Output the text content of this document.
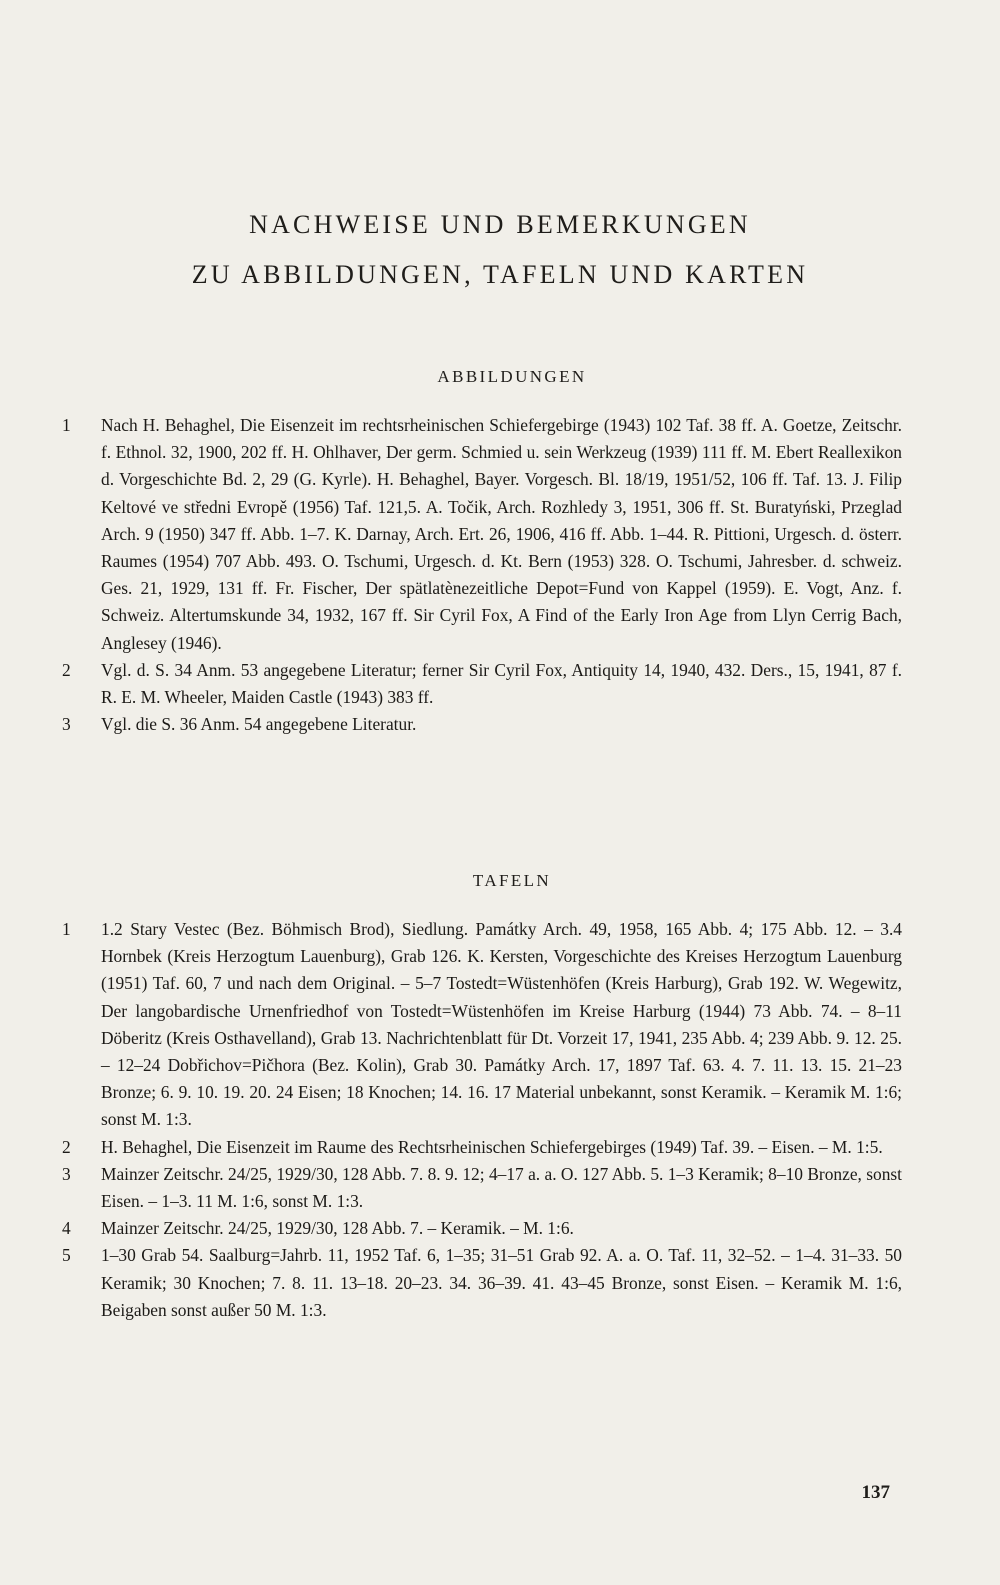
NACHWEISE UND BEMERKUNGEN
ZU ABBILDUNGEN, TAFELN UND KARTEN
ABBILDUNGEN
1	Nach H. Behaghel, Die Eisenzeit im rechtsrheinischen Schiefergebirge (1943) 102 Taf. 38 ff. A. Goetze, Zeitschr. f. Ethnol. 32, 1900, 202 ff. H. Ohlhaver, Der germ. Schmied u. sein Werkzeug (1939) 111 ff. M. Ebert Reallexikon d. Vorgeschichte Bd. 2, 29 (G. Kyrle). H. Behaghel, Bayer. Vorgesch. Bl. 18/19, 1951/52, 106 ff. Taf. 13. J. Filip Keltové ve středni Evropě (1956) Taf. 121,5. A. Točik, Arch. Rozhledy 3, 1951, 306 ff. St. Buratyński, Przeglad Arch. 9 (1950) 347 ff. Abb. 1–7. K. Darnay, Arch. Ert. 26, 1906, 416 ff. Abb. 1–44. R. Pittioni, Urgesch. d. österr. Raumes (1954) 707 Abb. 493. O. Tschumi, Urgesch. d. Kt. Bern (1953) 328. O. Tschumi, Jahresber. d. schweiz. Ges. 21, 1929, 131 ff. Fr. Fischer, Der spätlatènezeitliche Depot=Fund von Kappel (1959). E. Vogt, Anz. f. Schweiz. Altertumskunde 34, 1932, 167 ff. Sir Cyril Fox, A Find of the Early Iron Age from Llyn Cerrig Bach, Anglesey (1946).
2	Vgl. d. S. 34 Anm. 53 angegebene Literatur; ferner Sir Cyril Fox, Antiquity 14, 1940, 432. Ders., 15, 1941, 87 f. R. E. M. Wheeler, Maiden Castle (1943) 383 ff.
3	Vgl. die S. 36 Anm. 54 angegebene Literatur.
TAFELN
1	1.2 Stary Vestec (Bez. Böhmisch Brod), Siedlung. Památky Arch. 49, 1958, 165 Abb. 4; 175 Abb. 12. – 3.4 Hornbek (Kreis Herzogtum Lauenburg), Grab 126. K. Kersten, Vorgeschichte des Kreises Herzogtum Lauenburg (1951) Taf. 60, 7 und nach dem Original. – 5–7 Tostedt=Wüstenhöfen (Kreis Harburg), Grab 192. W. Wegewitz, Der langobardische Urnenfriedhof von Tostedt=Wüstenhöfen im Kreise Harburg (1944) 73 Abb. 74. – 8–11 Döberitz (Kreis Osthavelland), Grab 13. Nachrichtenblatt für Dt. Vorzeit 17, 1941, 235 Abb. 4; 239 Abb. 9. 12. 25. – 12–24 Dobřichov=Pičhora (Bez. Kolin), Grab 30. Památky Arch. 17, 1897 Taf. 63. 4. 7. 11. 13. 15. 21–23 Bronze; 6. 9. 10. 19. 20. 24 Eisen; 18 Knochen; 14. 16. 17 Material unbekannt, sonst Keramik. – Keramik M. 1:6; sonst M. 1:3.
2	H. Behaghel, Die Eisenzeit im Raume des Rechtsrheinischen Schiefergebirges (1949) Taf. 39. – Eisen. – M. 1:5.
3	Mainzer Zeitschr. 24/25, 1929/30, 128 Abb. 7. 8. 9. 12; 4–17 a. a. O. 127 Abb. 5. 1–3 Keramik; 8–10 Bronze, sonst Eisen. – 1–3. 11 M. 1:6, sonst M. 1:3.
4	Mainzer Zeitschr. 24/25, 1929/30, 128 Abb. 7. – Keramik. – M. 1:6.
5	1–30 Grab 54. Saalburg=Jahrb. 11, 1952 Taf. 6, 1–35; 31–51 Grab 92. A. a. O. Taf. 11, 32–52. – 1–4. 31–33. 50 Keramik; 30 Knochen; 7. 8. 11. 13–18. 20–23. 34. 36–39. 41. 43–45 Bronze, sonst Eisen. – Keramik M. 1:6, Beigaben sonst außer 50 M. 1:3.
137
